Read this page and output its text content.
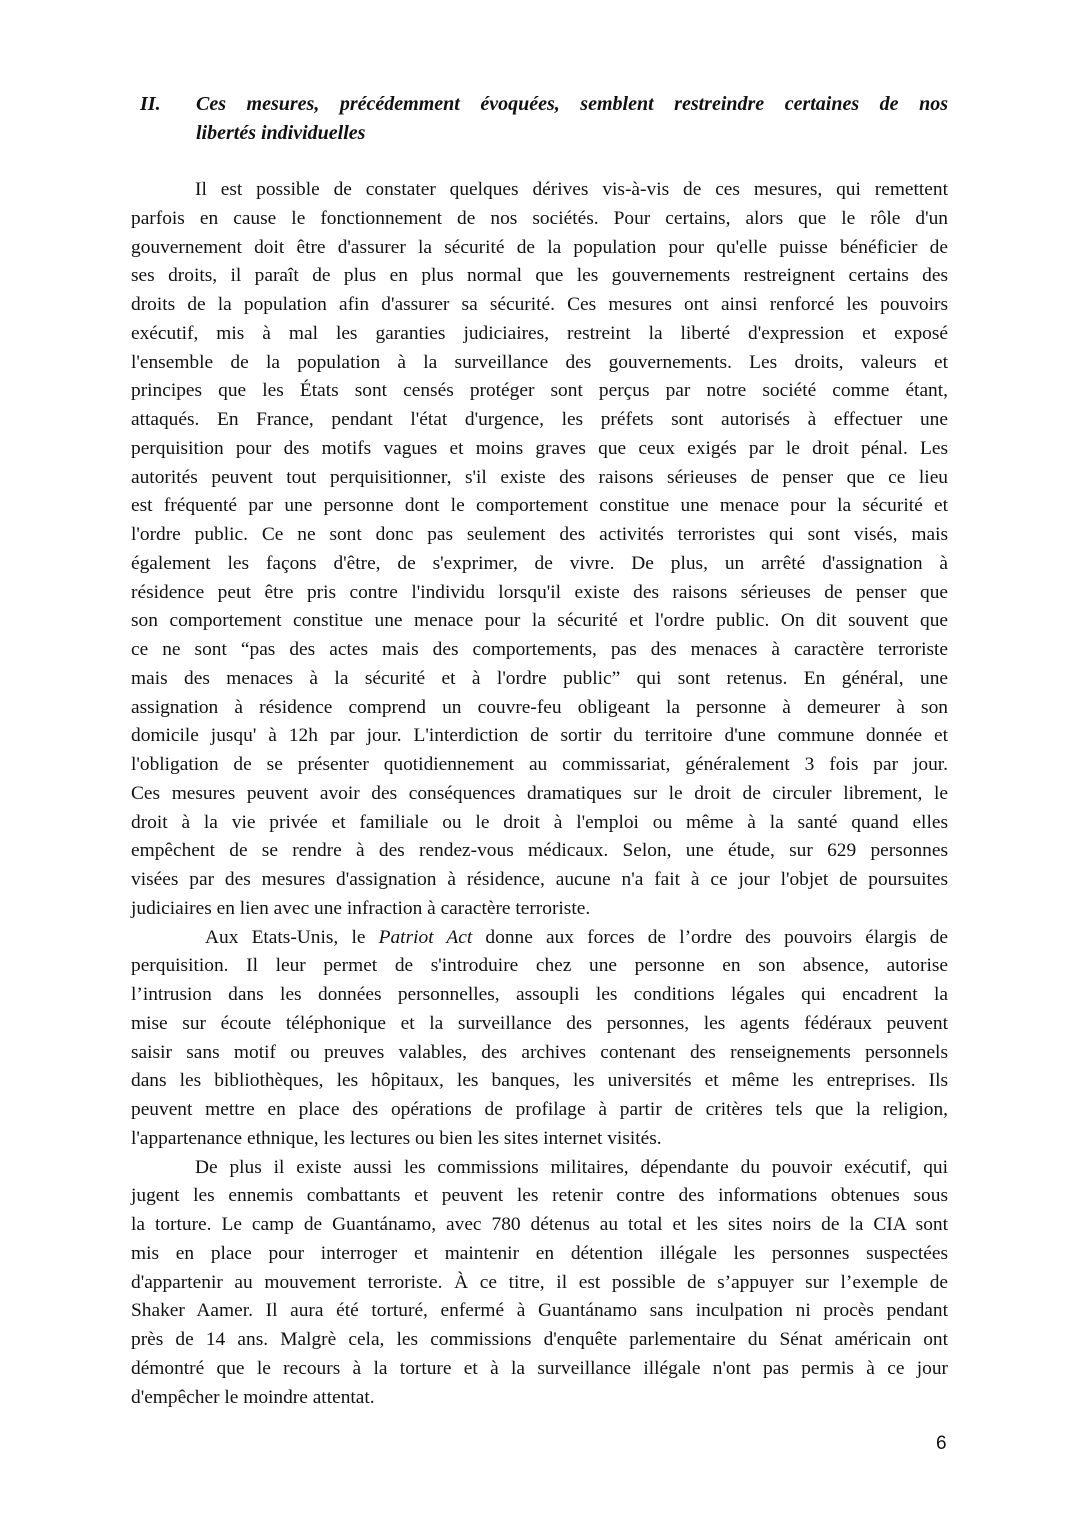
II. Ces mesures, précédemment évoquées, semblent restreindre certaines de nos
libertés individuelles
Il est possible de constater quelques dérives vis-à-vis de ces mesures, qui remettent
parfois en cause le fonctionnement de nos sociétés. Pour certains, alors que le rôle d'un
gouvernement doit être d'assurer la sécurité de la population pour qu'elle puisse bénéficier de
ses droits, il paraît de plus en plus normal que les gouvernements restreignent certains des
droits de la population afin d'assurer sa sécurité. Ces mesures ont ainsi renforcé les pouvoirs
exécutif, mis à mal les garanties judiciaires, restreint la liberté d'expression et exposé
l'ensemble de la population à la surveillance des gouvernements. Les droits, valeurs et
principes que les États sont censés protéger sont perçus par notre société comme étant,
attaqués. En France, pendant l'état d'urgence, les préfets sont autorisés à effectuer une
perquisition pour des motifs vagues et moins graves que ceux exigés par le droit pénal. Les
autorités peuvent tout perquisitionner, s'il existe des raisons sérieuses de penser que ce lieu
est fréquenté par une personne dont le comportement constitue une menace pour la sécurité et
l'ordre public. Ce ne sont donc pas seulement des activités terroristes qui sont visés, mais
également les façons d'être, de s'exprimer, de vivre. De plus, un arrêté d'assignation à
résidence peut être pris contre l'individu lorsqu'il existe des raisons sérieuses de penser que
son comportement constitue une menace pour la sécurité et l'ordre public. On dit souvent que
ce ne sont “pas des actes mais des comportements, pas des menaces à caractère terroriste
mais des menaces à la sécurité et à l'ordre public” qui sont retenus. En général, une
assignation à résidence comprend un couvre-feu obligeant la personne à demeurer à son
domicile jusqu' à 12h par jour. L'interdiction de sortir du territoire d'une commune donnée et
l'obligation de se présenter quotidiennement au commissariat, généralement 3 fois par jour.
Ces mesures peuvent avoir des conséquences dramatiques sur le droit de circuler librement, le
droit à la vie privée et familiale ou le droit à l'emploi ou même à la santé quand elles
empêchent de se rendre à des rendez-vous médicaux. Selon, une étude, sur 629 personnes
visées par des mesures d'assignation à résidence, aucune n'a fait à ce jour l'objet de poursuites
judiciaires en lien avec une infraction à caractère terroriste.
Aux Etats-Unis, le Patriot Act donne aux forces de l’ordre des pouvoirs élargis de
perquisition. Il leur permet de s'introduire chez une personne en son absence, autorise
l’intrusion dans les données personnelles, assoupli les conditions légales qui encadrent la
mise sur écoute téléphonique et la surveillance des personnes, les agents fédéraux peuvent
saisir sans motif ou preuves valables, des archives contenant des renseignements personnels
dans les bibliothèques, les hôpitaux, les banques, les universités et même les entreprises. Ils
peuvent mettre en place des opérations de profilage à partir de critères tels que la religion,
l'appartenance ethnique, les lectures ou bien les sites internet visités.
De plus il existe aussi les commissions militaires, dépendante du pouvoir exécutif, qui
jugent les ennemis combattants et peuvent les retenir contre des informations obtenues sous
la torture. Le camp de Guantánamo, avec 780 détenus au total et les sites noirs de la CIA sont
mis en place pour interroger et maintenir en détention illégale les personnes suspectées
d'appartenir au mouvement terroriste. À ce titre, il est possible de s’appuyer sur l’exemple de
Shaker Aamer. Il aura été torturé, enfermé à Guantánamo sans inculpation ni procès pendant
près de 14 ans. Malgrè cela, les commissions d'enquête parlementaire du Sénat américain ont
démontré que le recours à la torture et à la surveillance illégale n'ont pas permis à ce jour
d'empêcher le moindre attentat.
6
